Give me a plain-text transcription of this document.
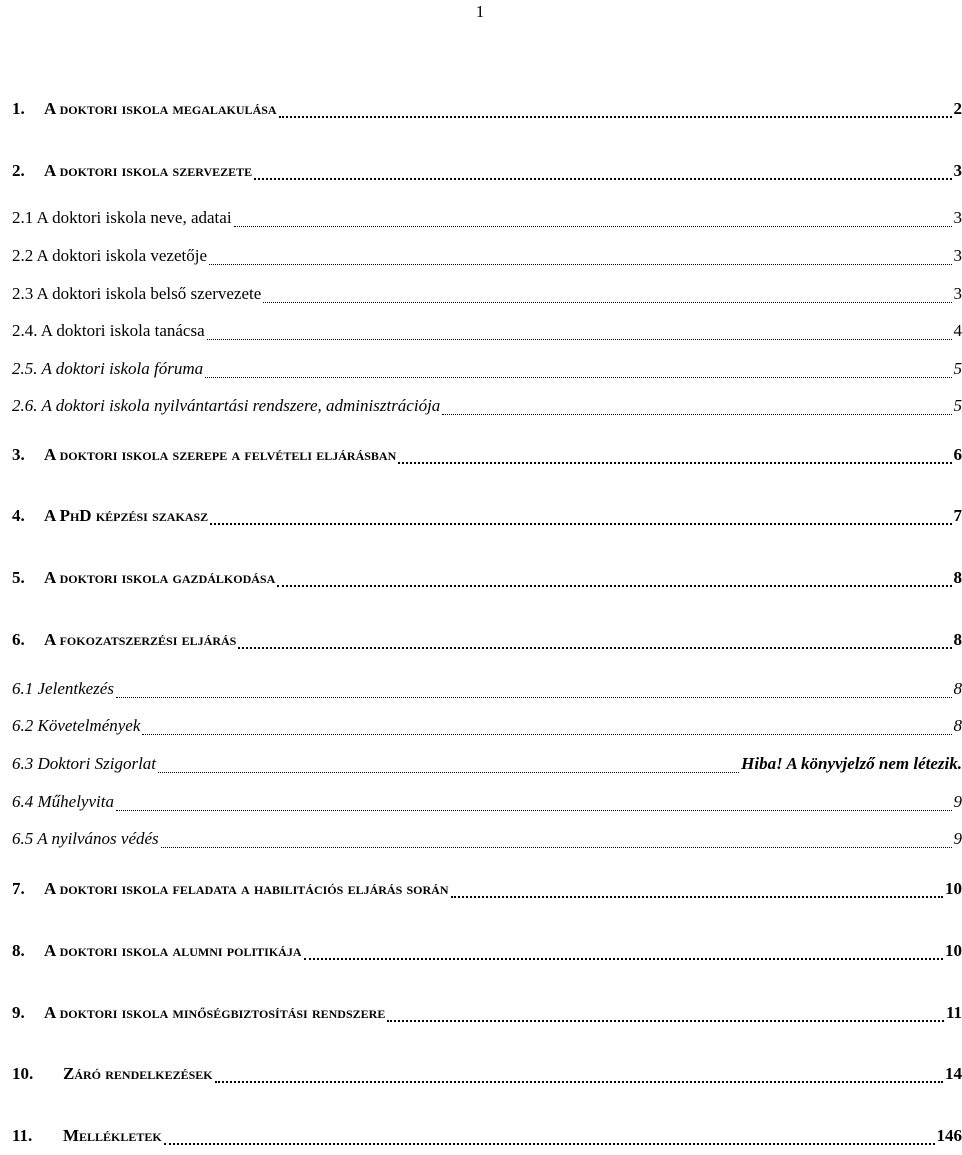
1
1.	A doktori iskola megalakulása	2
2.	A doktori iskola szervezete	3
2.1 A doktori iskola neve, adatai	3
2.2 A doktori iskola vezetője	3
2.3 A doktori iskola belső szervezete	3
2.4. A doktori iskola tanácsa	4
2.5. A doktori iskola fóruma	5
2.6. A doktori iskola nyilvántartási rendszere, adminisztrációja	5
3.	A doktori iskola szerepe a felvételi eljárásban	6
4.	A PhD képzési szakasz	7
5.	A doktori iskola gazdálkodása	8
6.	A fokozatszerzési eljárás	8
6.1 Jelentkezés	8
6.2 Követelmények	8
6.3 Doktori Szigorlat	Hiba! A könyvjelző nem létezik.
6.4 Műhelyvita	9
6.5 A nyilvános védés	9
7.	A doktori iskola feladata a habilitációs eljárás során	10
8.	A doktori iskola alumni politikája	10
9.	A doktori iskola minőségbiztosítási rendszere	11
10.	Záró rendelkezések	14
11.	Mellékletek	146
